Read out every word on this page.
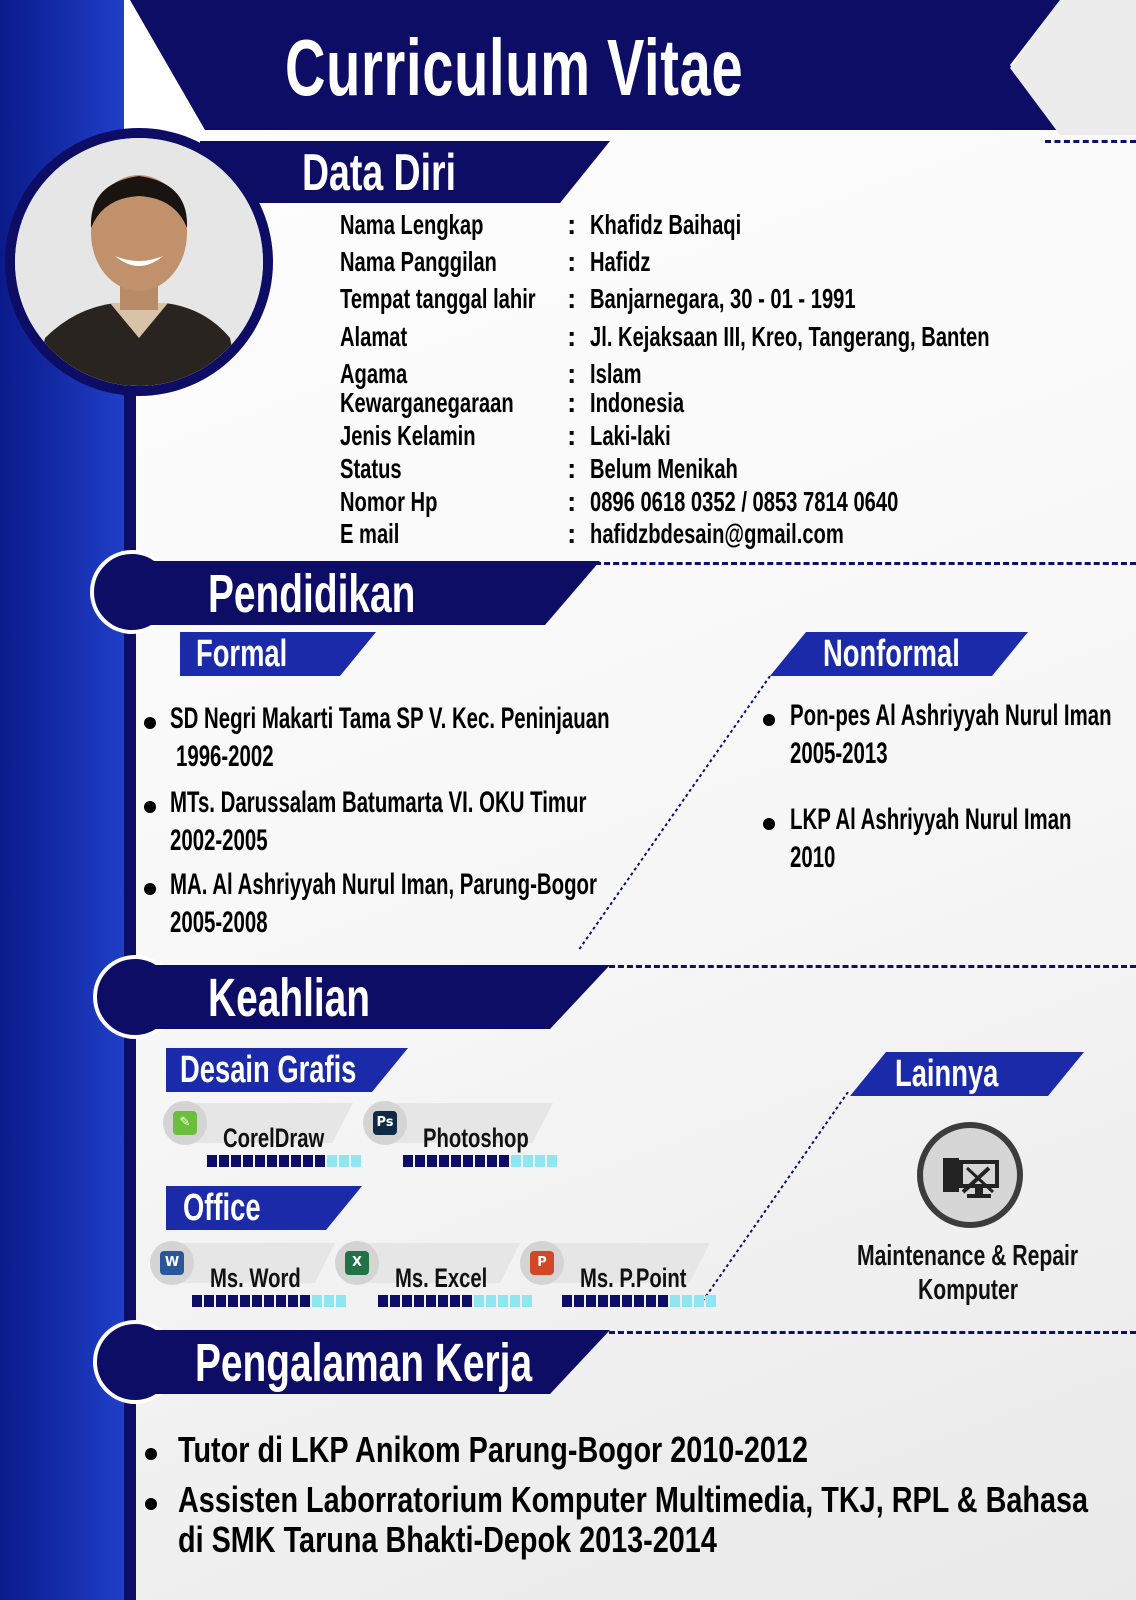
Curriculum Vitae
Data Diri
Nama Lengkap	: Khafidz Baihaqi
Nama Panggilan	: Hafidz
Tempat tanggal lahir : Banjarnegara, 30 - 01 - 1991
Alamat	: Jl. Kejaksaan III, Kreo, Tangerang, Banten
Agama	: Islam
Kewarganegaraan : Indonesia
Jenis Kelamin	: Laki-laki
Status	: Belum Menikah
Nomor Hp	: 0896 0618 0352 / 0853 7814 0640
E mail	: hafidzbdesain@gmail.com
Pendidikan
Formal	Nonformal
SD Negri Makarti Tama SP V. Kec. Peninjauan
1996-2002
MTs. Darussalam Batumarta VI. OKU Timur
2002-2005
MA. Al Ashriyyah Nurul Iman, Parung-Bogor
2005-2008
Pon-pes Al Ashriyyah Nurul Iman
2005-2013
LKP Al Ashriyyah Nurul Iman
2010
Keahlian
Desain Grafis
Office
Lainnya
✎
CorelDraw
Ps
Photoshop
W
Ms. Word
X
Ms. Excel
P
Ms. P.Point
Maintenance & Repair
Komputer
Pengalaman Kerja
Tutor di LKP Anikom Parung-Bogor 2010-2012
Assisten Laborratorium Komputer Multimedia, TKJ, RPL & Bahasa
di SMK Taruna Bhakti-Depok 2013-2014
